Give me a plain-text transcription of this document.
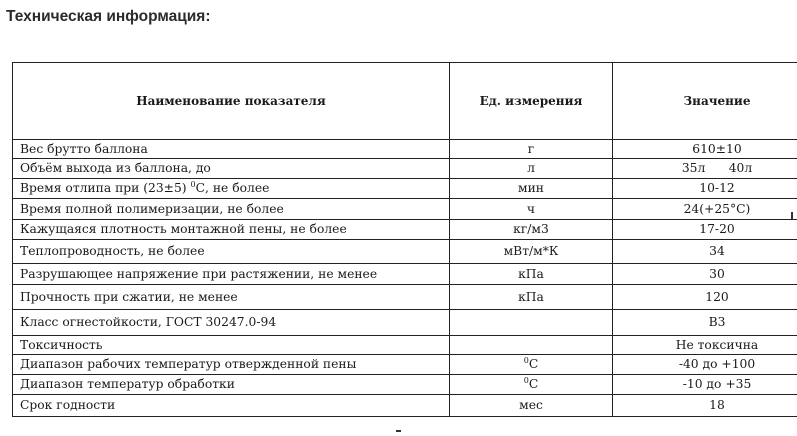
Техническая информация:
Наименование показателя	Ед. измерения	Значение
Вес брутто баллона	г	610±10
Объём выхода из баллона, до	л	35л      40л
Время отлипа при (23±5) $^0$С, не более	мин	10-12
Время полной полимеризации, не более	ч	24(+25°С)
Кажущаяся плотность монтажной пены, не более	кг/м3	17-20
Теплопроводность, не более	мВт/м*К	34
Разрушающее напряжение при растяжении, не менее	кПа	30
Прочность при сжатии, не менее	кПа	120
Класс огнестойкости, ГОСТ 30247.0-94		В3
Токсичность		Не токсична
Диапазон рабочих температур отвержденной пены	$^0$С	-40 до +100
Диапазон температур обработки	$^0$С	-10 до +35
Срок годности	мес	18
